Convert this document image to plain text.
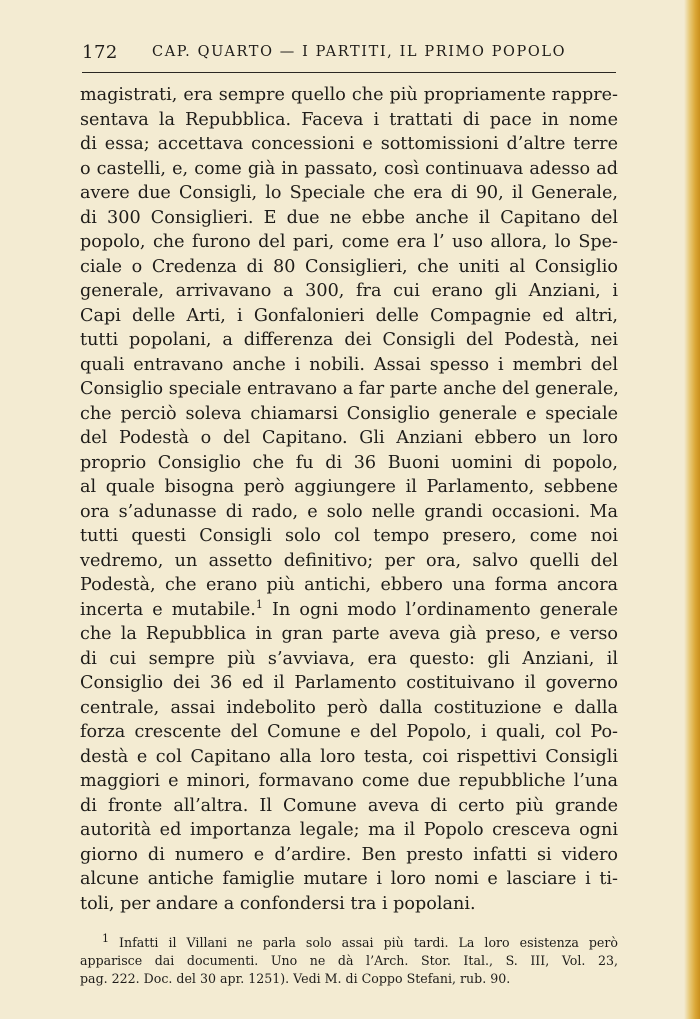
172 CAP. QUARTO — I PARTITI, IL PRIMO POPOLO
magistrati, era sempre quello che più propriamente rappre-
sentava la Repubblica. Faceva i trattati di pace in nome
di essa; accettava concessioni e sottomissioni d’altre terre
o castelli, e, come già in passato, così continuava adesso ad
avere due Consigli, lo Speciale che era di 90, il Generale,
di 300 Consiglieri. E due ne ebbe anche il Capitano del
popolo, che furono del pari, come era l’ uso allora, lo Spe-
ciale o Credenza di 80 Consiglieri, che uniti al Consiglio
generale, arrivavano a 300, fra cui erano gli Anziani, i
Capi delle Arti, i Gonfalonieri delle Compagnie ed altri,
tutti popolani, a differenza dei Consigli del Podestà, nei
quali entravano anche i nobili. Assai spesso i membri del
Consiglio speciale entravano a far parte anche del generale,
che perciò soleva chiamarsi Consiglio generale e speciale
del Podestà o del Capitano. Gli Anziani ebbero un loro
proprio Consiglio che fu di 36 Buoni uomini di popolo,
al quale bisogna però aggiungere il Parlamento, sebbene
ora s’adunasse di rado, e solo nelle grandi occasioni. Ma
tutti questi Consigli solo col tempo presero, come noi
vedremo, un assetto definitivo; per ora, salvo quelli del
Podestà, che erano più antichi, ebbero una forma ancora
incerta e mutabile.$^1$ In ogni modo l’ordinamento generale
che la Repubblica in gran parte aveva già preso, e verso
di cui sempre più s’avviava, era questo: gli Anziani, il
Consiglio dei 36 ed il Parlamento costituivano il governo
centrale, assai indebolito però dalla costituzione e dalla
forza crescente del Comune e del Popolo, i quali, col Po-
destà e col Capitano alla loro testa, coi rispettivi Consigli
maggiori e minori, formavano come due repubbliche l’una
di fronte all’altra. Il Comune aveva di certo più grande
autorità ed importanza legale; ma il Popolo cresceva ogni
giorno di numero e d’ardire. Ben presto infatti si videro
alcune antiche famiglie mutare i loro nomi e lasciare i ti-
toli, per andare a confondersi tra i popolani.
$^1$ Infatti il Villani ne parla solo assai più tardi. La loro esistenza però
apparisce dai documenti. Uno ne dà l’Arch. Stor. Ital., S. III, Vol. 23,
pag. 222. Doc. del 30 apr. 1251). Vedi M. di Coppo Stefani, rub. 90.
